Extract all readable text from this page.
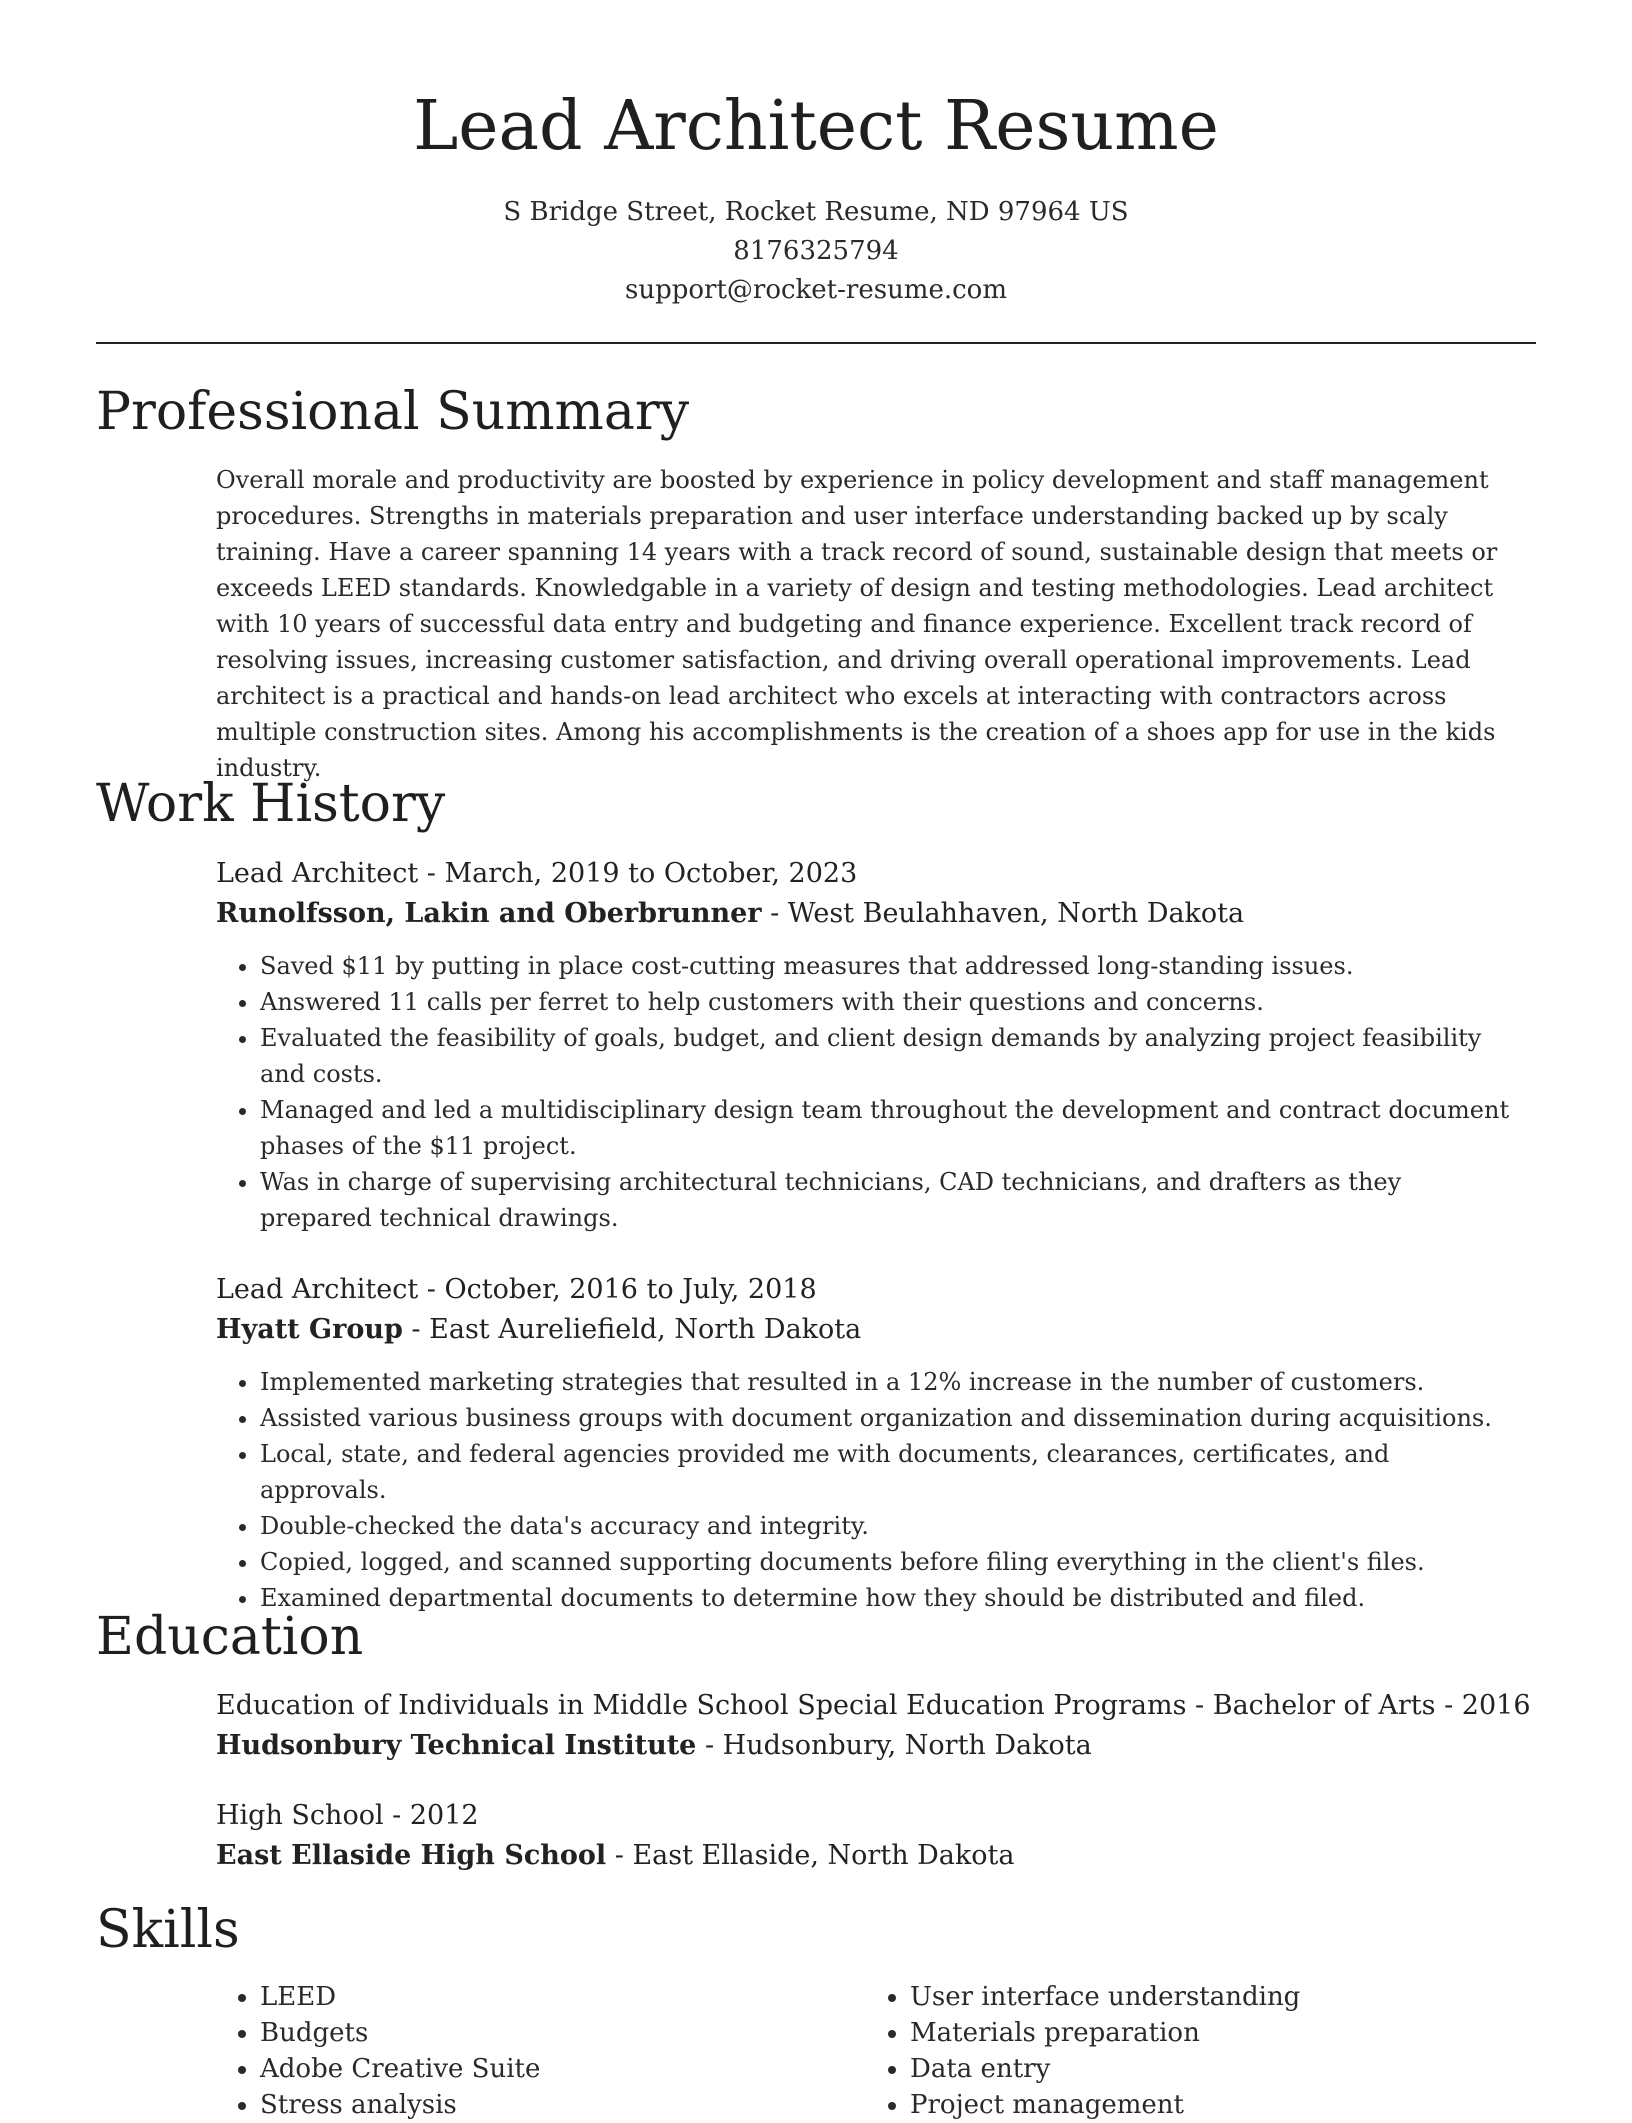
Lead Architect Resume
S Bridge Street, Rocket Resume, ND 97964 US
8176325794
support@rocket-resume.com
Professional Summary
Overall morale and productivity are boosted by experience in policy development and staff management procedures. Strengths in materials preparation and user interface understanding backed up by scaly training. Have a career spanning 14 years with a track record of sound, sustainable design that meets or exceeds LEED standards. Knowledgable in a variety of design and testing methodologies. Lead architect with 10 years of successful data entry and budgeting and finance experience. Excellent track record of resolving issues, increasing customer satisfaction, and driving overall operational improvements. Lead architect is a practical and hands-on lead architect who excels at interacting with contractors across multiple construction sites. Among his accomplishments is the creation of a shoes app for use in the kids industry.
Work History
Lead Architect - March, 2019 to October, 2023
Runolfsson, Lakin and Oberbrunner - West Beulahhaven, North Dakota
• Saved $11 by putting in place cost-cutting measures that addressed long-standing issues.
• Answered 11 calls per ferret to help customers with their questions and concerns.
• Evaluated the feasibility of goals, budget, and client design demands by analyzing project feasibility and costs.
• Managed and led a multidisciplinary design team throughout the development and contract document phases of the $11 project.
• Was in charge of supervising architectural technicians, CAD technicians, and drafters as they prepared technical drawings.
Lead Architect - October, 2016 to July, 2018
Hyatt Group - East Aureliefield, North Dakota
• Implemented marketing strategies that resulted in a 12% increase in the number of customers.
• Assisted various business groups with document organization and dissemination during acquisitions.
• Local, state, and federal agencies provided me with documents, clearances, certificates, and approvals.
• Double-checked the data's accuracy and integrity.
• Copied, logged, and scanned supporting documents before filing everything in the client's files.
• Examined departmental documents to determine how they should be distributed and filed.
Education
Education of Individuals in Middle School Special Education Programs - Bachelor of Arts - 2016
Hudsonbury Technical Institute - Hudsonbury, North Dakota
High School - 2012
East Ellaside High School - East Ellaside, North Dakota
Skills
• LEED
• Budgets
• Adobe Creative Suite
• Stress analysis
• User interface understanding
• Materials preparation
• Data entry
• Project management
